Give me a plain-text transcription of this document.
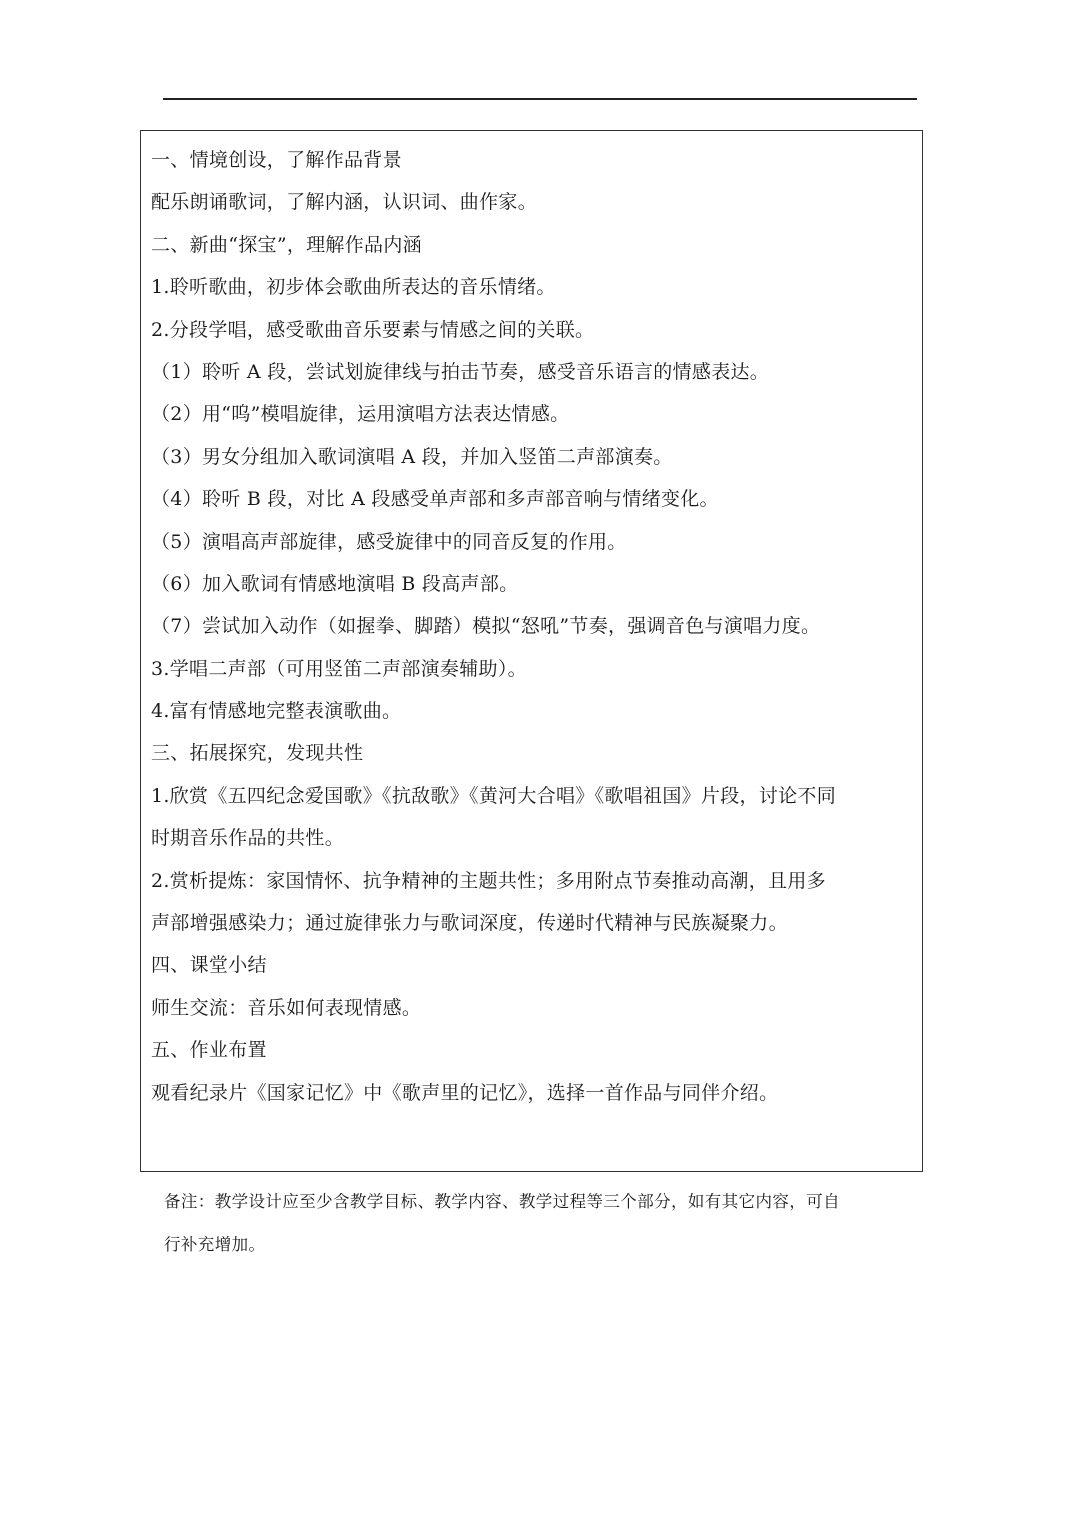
一、情境创设，了解作品背景
配乐朗诵歌词，了解内涵，认识词、曲作家。
二、新曲“探宝”，理解作品内涵
1.聆听歌曲，初步体会歌曲所表达的音乐情绪。
2.分段学唱，感受歌曲音乐要素与情感之间的关联。
（1）聆听 A 段，尝试划旋律线与拍击节奏，感受音乐语言的情感表达。
（2）用“呜”模唱旋律，运用演唱方法表达情感。
（3）男女分组加入歌词演唱 A 段，并加入竖笛二声部演奏。
（4）聆听 B 段，对比 A 段感受单声部和多声部音响与情绪变化。
（5）演唱高声部旋律，感受旋律中的同音反复的作用。
（6）加入歌词有情感地演唱 B 段高声部。
（7）尝试加入动作（如握拳、脚踏）模拟“怒吼”节奏，强调音色与演唱力度。
3.学唱二声部（可用竖笛二声部演奏辅助）。
4.富有情感地完整表演歌曲。
三、拓展探究，发现共性
1.欣赏《五四纪念爱国歌》《抗敌歌》《黄河大合唱》《歌唱祖国》片段，讨论不同
时期音乐作品的共性。
2.赏析提炼：家国情怀、抗争精神的主题共性；多用附点节奏推动高潮，且用多
声部增强感染力；通过旋律张力与歌词深度，传递时代精神与民族凝聚力。
四、课堂小结
师生交流：音乐如何表现情感。
五、作业布置
观看纪录片《国家记忆》中《歌声里的记忆》，选择一首作品与同伴介绍。
备注：教学设计应至少含教学目标、教学内容、教学过程等三个部分，如有其它内容，可自
行补充增加。
